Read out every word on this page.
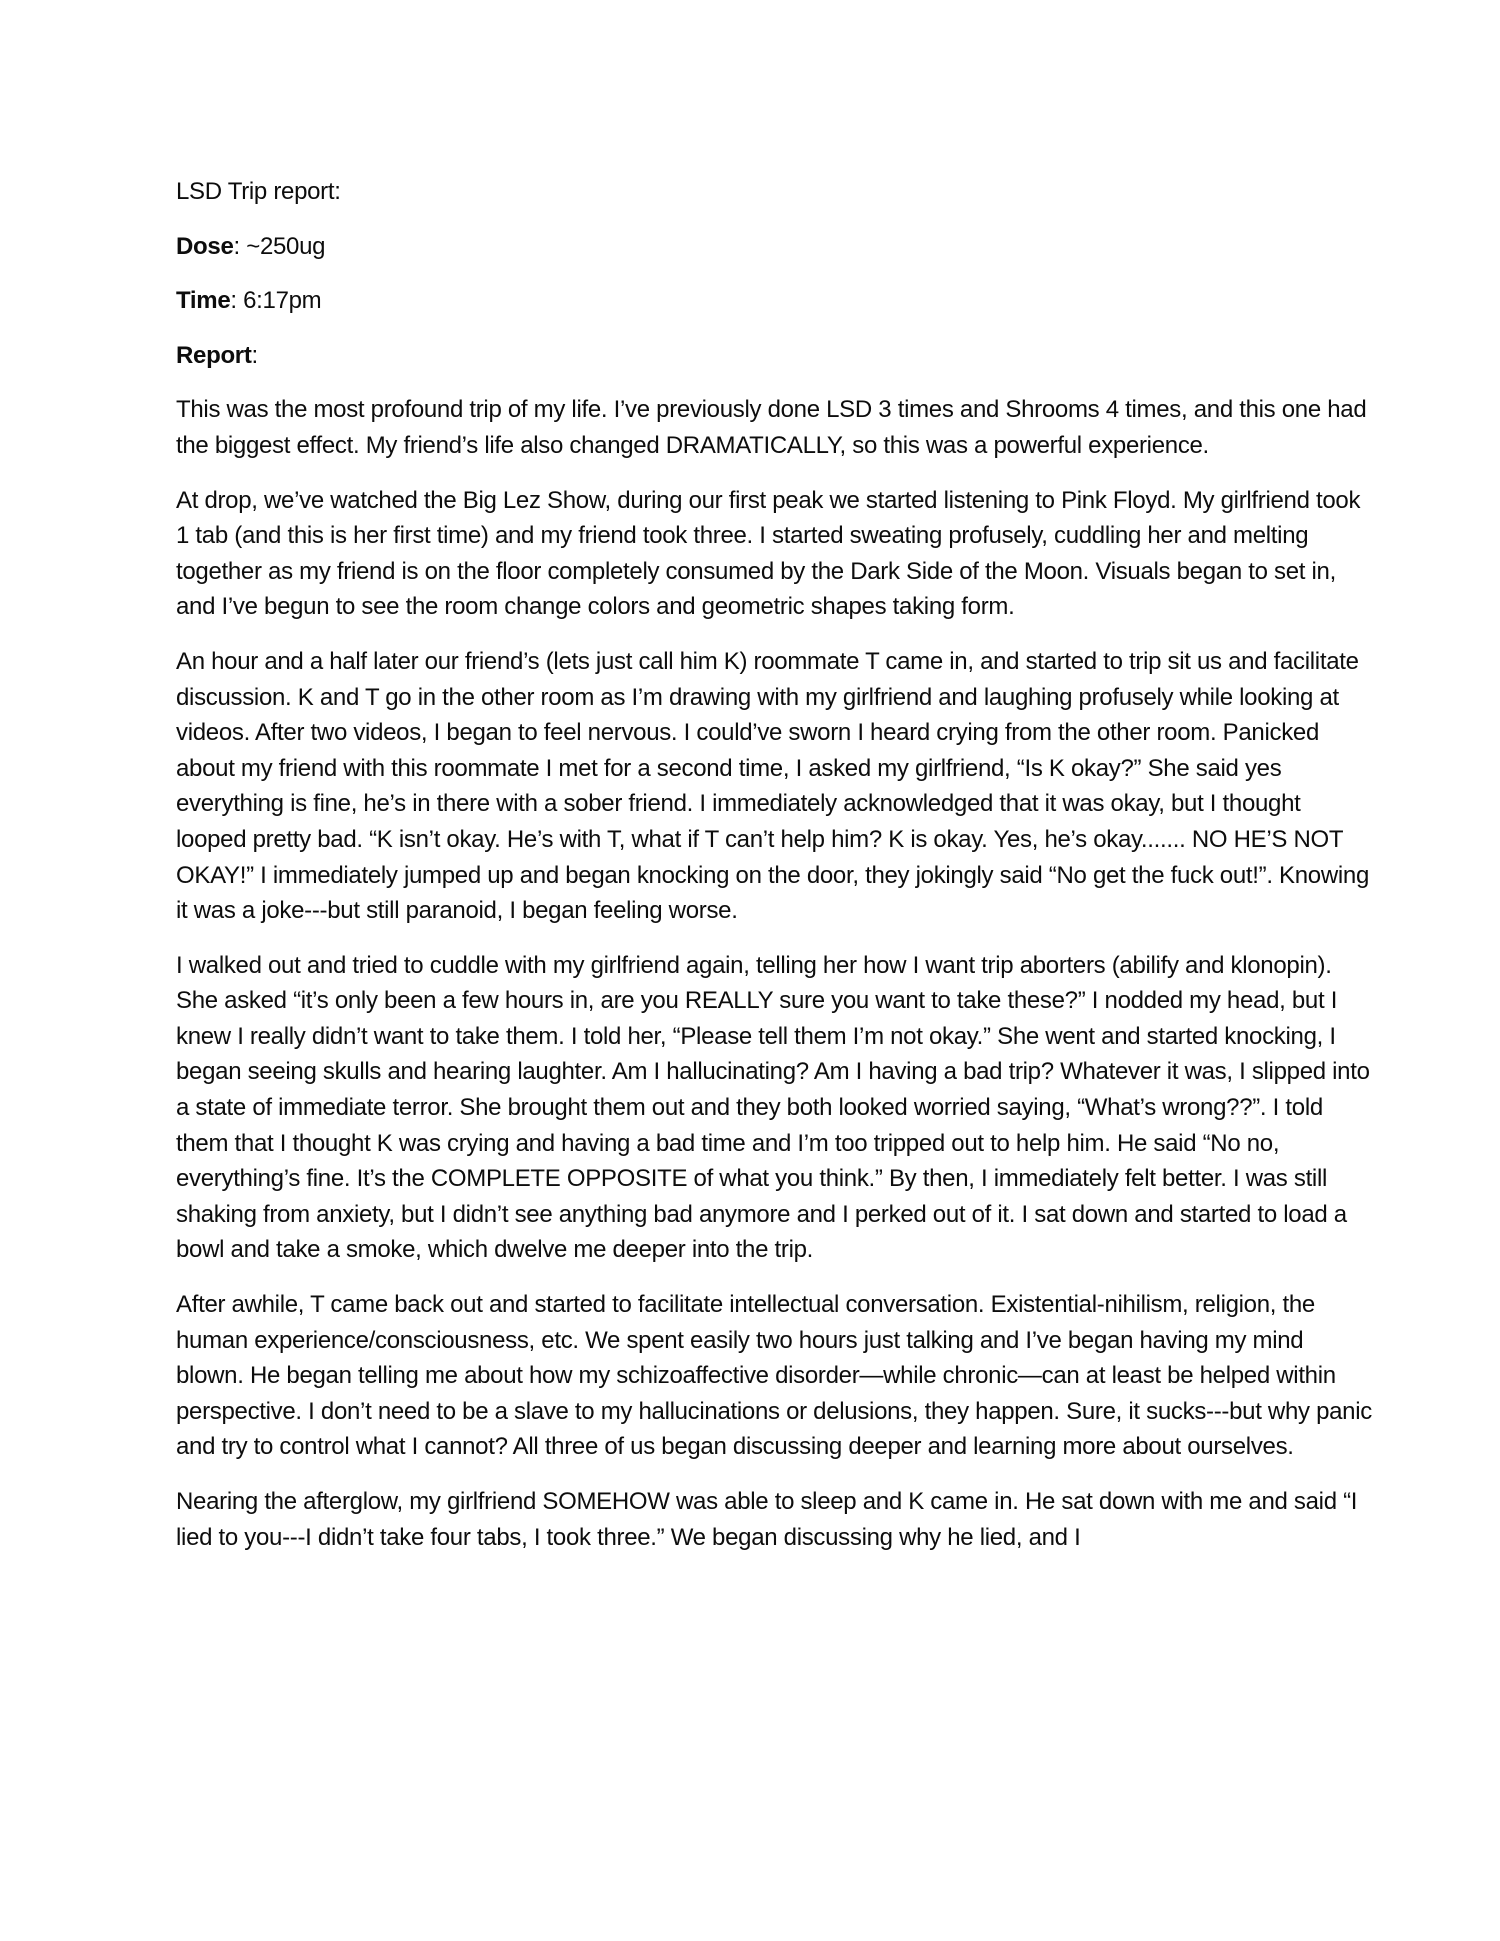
LSD Trip report:

Dose: ~250ug

Time: 6:17pm

Report:

This was the most profound trip of my life. I’ve previously done LSD 3 times and Shrooms 4 times, and this one had the biggest effect. My friend’s life also changed DRAMATICALLY, so this was a powerful experience.

At drop, we’ve watched the Big Lez Show, during our first peak we started listening to Pink Floyd. My girlfriend took 1 tab (and this is her first time) and my friend took three. I started sweating profusely, cuddling her and melting together as my friend is on the floor completely consumed by the Dark Side of the Moon. Visuals began to set in, and I’ve begun to see the room change colors and geometric shapes taking form.

An hour and a half later our friend’s (lets just call him K) roommate T came in, and started to trip sit us and facilitate discussion. K and T go in the other room as I’m drawing with my girlfriend and laughing profusely while looking at videos. After two videos, I began to feel nervous. I could’ve sworn I heard crying from the other room. Panicked about my friend with this roommate I met for a second time, I asked my girlfriend, “Is K okay?” She said yes everything is fine, he’s in there with a sober friend. I immediately acknowledged that it was okay, but I thought looped pretty bad. “K isn’t okay. He’s with T, what if T can’t help him? K is okay. Yes, he’s okay....... NO HE’S NOT OKAY!” I immediately jumped up and began knocking on the door, they jokingly said “No get the fuck out!”. Knowing it was a joke---but still paranoid, I began feeling worse.

I walked out and tried to cuddle with my girlfriend again, telling her how I want trip aborters (abilify and klonopin). She asked “it’s only been a few hours in, are you REALLY sure you want to take these?” I nodded my head, but I knew I really didn’t want to take them. I told her, “Please tell them I’m not okay.” She went and started knocking, I began seeing skulls and hearing laughter. Am I hallucinating? Am I having a bad trip? Whatever it was, I slipped into a state of immediate terror. She brought them out and they both looked worried saying, “What’s wrong??”. I told them that I thought K was crying and having a bad time and I’m too tripped out to help him. He said “No no, everything’s fine. It’s the COMPLETE OPPOSITE of what you think.” By then, I immediately felt better. I was still shaking from anxiety, but I didn’t see anything bad anymore and I perked out of it. I sat down and started to load a bowl and take a smoke, which dwelve me deeper into the trip.

After awhile, T came back out and started to facilitate intellectual conversation. Existential-nihilism, religion, the human experience/consciousness, etc. We spent easily two hours just talking and I’ve began having my mind blown. He began telling me about how my schizoaffective disorder—while chronic—can at least be helped within perspective. I don’t need to be a slave to my hallucinations or delusions, they happen. Sure, it sucks---but why panic and try to control what I cannot? All three of us began discussing deeper and learning more about ourselves.

Nearing the afterglow, my girlfriend SOMEHOW was able to sleep and K came in. He sat down with me and said “I lied to you---I didn’t take four tabs, I took three.” We began discussing why he lied, and I
